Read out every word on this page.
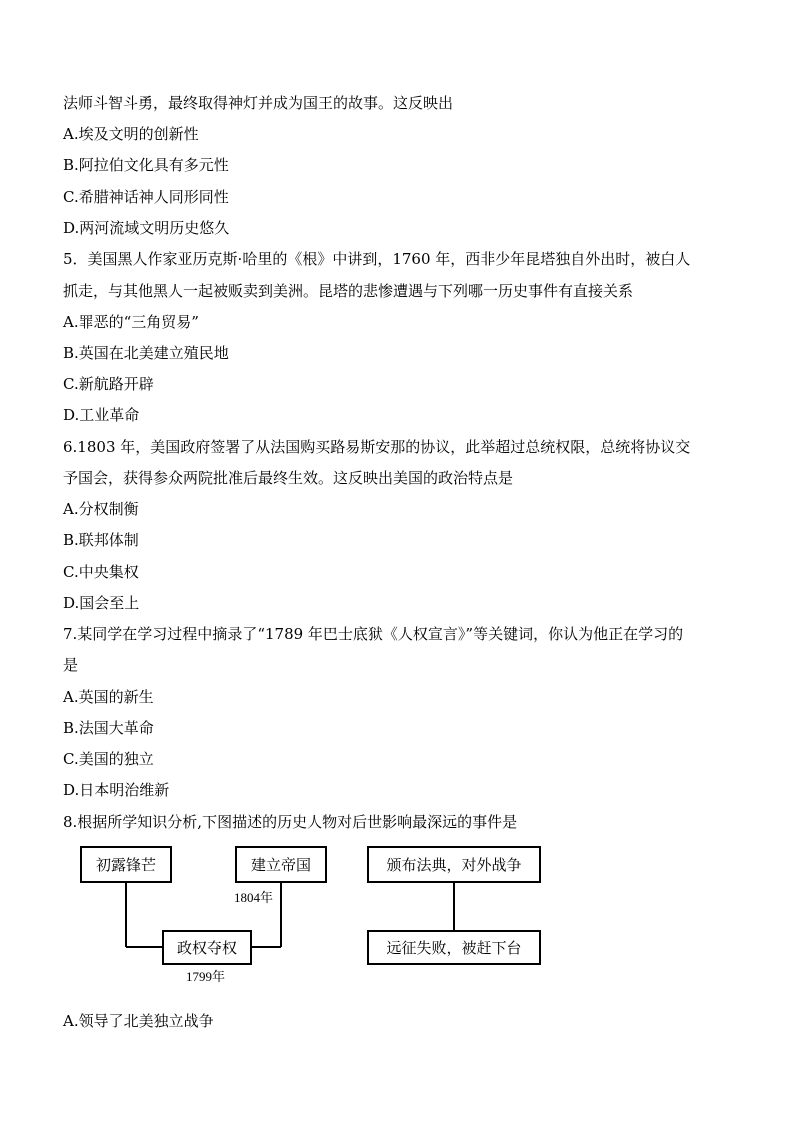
法师斗智斗勇，最终取得神灯并成为国王的故事。这反映出
A.埃及文明的创新性
B.阿拉伯文化具有多元性
C.希腊神话神人同形同性
D.两河流域文明历史悠久
5．美国黑人作家亚历克斯·哈里的《根》中讲到，1760 年，西非少年昆塔独自外出时，被白人
抓走，与其他黑人一起被贩卖到美洲。昆塔的悲惨遭遇与下列哪一历史事件有直接关系
A.罪恶的“三角贸易”
B.英国在北美建立殖民地
C.新航路开辟
D.工业革命
6.1803 年，美国政府签署了从法国购买路易斯安那的协议，此举超过总统权限，总统将协议交
予国会，获得参众两院批准后最终生效。这反映出美国的政治特点是
A.分权制衡
B.联邦体制
C.中央集权
D.国会至上
7.某同学在学习过程中摘录了“1789 年巴士底狱《人权宣言》”等关键词，你认为他正在学习的
是
A.英国的新生
B.法国大革命
C.美国的独立
D.日本明治维新
8.根据所学知识分析,下图描述的历史人物对后世影响最深远的事件是
初露锋芒	建立帝国
政权夺权
颁布法典，对外战争
远征失败，被赶下台
1804年
1799年
A.领导了北美独立战争
